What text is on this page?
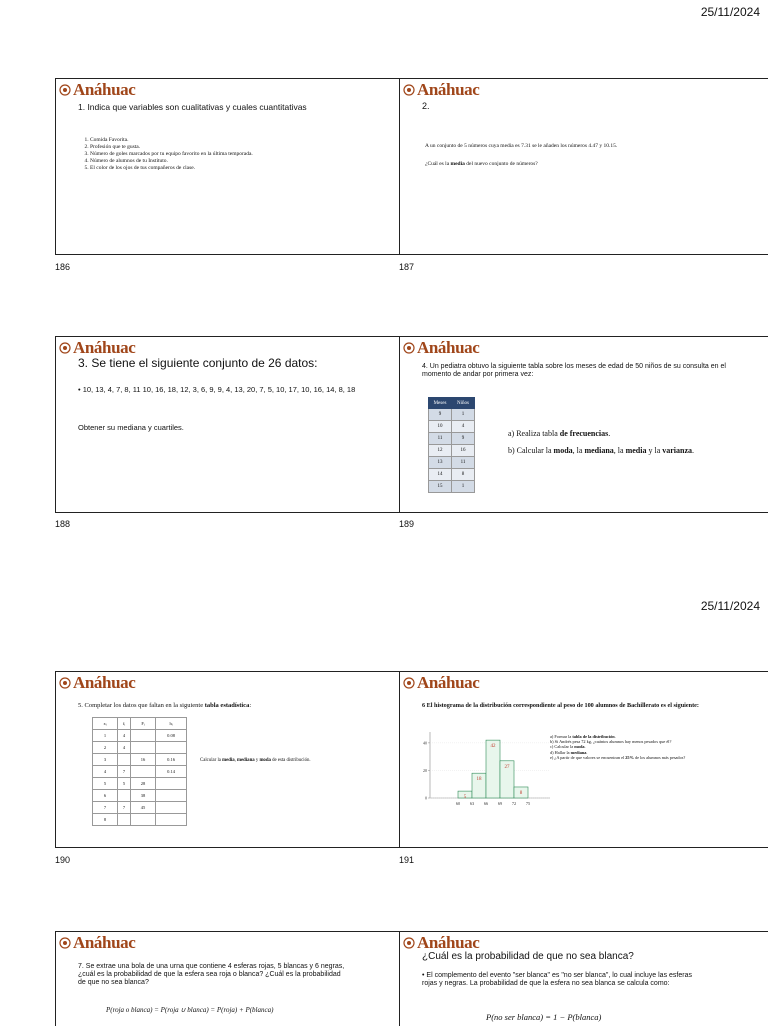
25/11/2024
25/11/2024
Anáhuac
1. Indica que variables son cualitativas y cuales cuantitativas
1. Comida Favorita.
2. Profesión que te gusta.
3. Número de goles marcados por tu equipo favorito en la última temporada.
4. Número de alumnos de tu Instituto.
5. El color de los ojos de tus compañeros de clase.
186
Anáhuac
2.
A un conjunto de 5 números cuya media es 7.31 se le añaden los números 4.47 y 10.15.
¿Cuál es la media del nuevo conjunto de números?
187
Anáhuac
3. Se tiene el siguiente conjunto de 26 datos:
• 10, 13, 4, 7, 8, 11 10, 16, 18, 12, 3, 6, 9, 9, 4, 13, 20, 7, 5, 10, 17, 10, 16, 14, 8, 18
Obtener su mediana y cuartiles.
188
Anáhuac
4. Un pediatra obtuvo la siguiente tabla sobre los meses de edad de 50 niños de su consulta en el momento de andar por primera vez:
Meses	Niños
9	1
10	4
11	9
12	16
13	11
14	8
15	1
a) Realiza tabla de frecuencias.
b) Calcular la moda, la mediana, la media y la varianza.
189
Anáhuac
5. Completar los datos que faltan en la siguiente tabla estadística:
xᵢ	fᵢ	Fᵢ	hᵢ
1	4		0.08
2	4		
3		16	0.16
4	7		0.14
5	5	28	
6		38	
7	7	45	
8			
Calcular la media, mediana y moda de esta distribución.
190
Anáhuac
6 El histograma de la distribución correspondiente al peso de 100 alumnos de Bachillerato es el siguiente:
0
20
40
5
18
42
27
8
60 63 66 69 72 75
a) Formar la tabla de la distribución.
b) Si Andrés pesa 72 kg, ¿cuántos alumnos hay menos pesados que él?
c) Calcular la moda.
d) Hallar la mediana.
e) ¿A partir de que valores se encuentran el 25% de los alumnos más pesados?
191
Anáhuac
7. Se extrae una bola de una urna que contiene 4 esferas rojas, 5 blancas y 6 negras, ¿cuál es la probabilidad de que la esfera sea roja o blanca? ¿Cuál es la probabilidad de que no sea blanca?
P(roja o blanca) = P(roja ∪ blanca) = P(roja) + P(blanca)
Anáhuac
¿Cuál es la probabilidad de que no sea blanca?
• El complemento del evento "ser blanca" es "no ser blanca", lo cual incluye las esferas rojas y negras. La probabilidad de que la esfera no sea blanca se calcula como:
P(no ser blanca) = 1 − P(blanca)
